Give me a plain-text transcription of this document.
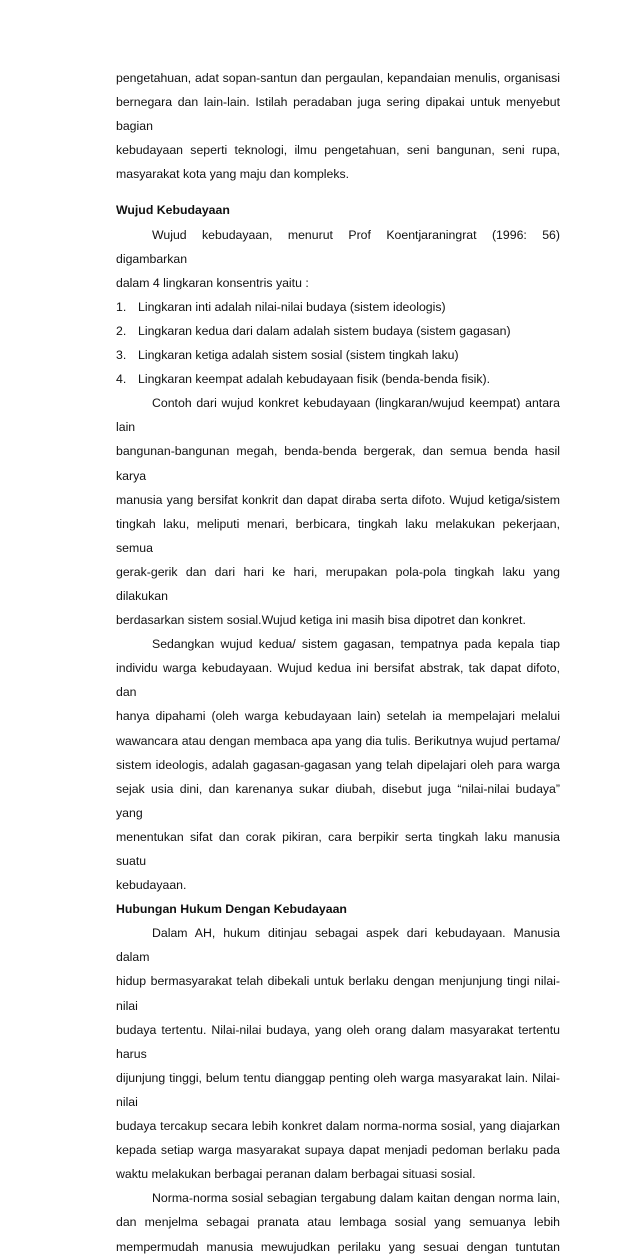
pengetahuan, adat sopan-santun dan pergaulan, kepandaian menulis, organisasi

bernegara dan lain-lain. Istilah peradaban juga sering dipakai untuk menyebut bagian

kebudayaan seperti teknologi, ilmu pengetahuan, seni bangunan, seni rupa,

masyarakat kota yang maju dan kompleks.

Wujud Kebudayaan

Wujud kebudayaan, menurut Prof Koentjaraningrat (1996: 56) digambarkan

dalam 4 lingkaran konsentris yaitu :

1. Lingkaran inti adalah nilai-nilai budaya (sistem ideologis)
2. Lingkaran kedua dari dalam adalah sistem budaya (sistem gagasan)
3. Lingkaran ketiga adalah sistem sosial (sistem tingkah laku)
4. Lingkaran keempat adalah kebudayaan fisik (benda-benda fisik).

Contoh dari wujud konkret kebudayaan (lingkaran/wujud keempat) antara lain

bangunan-bangunan megah, benda-benda bergerak, dan semua benda hasil karya

manusia yang bersifat konkrit dan dapat diraba serta difoto. Wujud ketiga/sistem

tingkah laku, meliputi menari, berbicara, tingkah laku melakukan pekerjaan, semua

gerak-gerik dan dari hari ke hari, merupakan pola-pola tingkah laku yang dilakukan

berdasarkan sistem sosial.Wujud ketiga ini masih bisa dipotret dan konkret.

Sedangkan wujud kedua/ sistem gagasan, tempatnya pada kepala tiap

individu warga kebudayaan. Wujud kedua ini bersifat abstrak, tak dapat difoto, dan

hanya dipahami (oleh warga kebudayaan lain) setelah ia mempelajari melalui

wawancara atau dengan membaca apa yang dia tulis. Berikutnya wujud pertama/

sistem ideologis, adalah gagasan-gagasan yang telah dipelajari oleh para warga

sejak usia dini, dan karenanya sukar diubah, disebut juga “nilai-nilai budaya” yang

menentukan sifat dan corak pikiran, cara berpikir serta tingkah laku manusia suatu

kebudayaan.

Hubungan Hukum Dengan Kebudayaan

Dalam AH, hukum ditinjau sebagai aspek dari kebudayaan. Manusia dalam

hidup bermasyarakat telah dibekali untuk berlaku dengan menjunjung tingi nilai-nilai

budaya tertentu. Nilai-nilai budaya, yang oleh orang dalam masyarakat tertentu harus

dijunjung tinggi, belum tentu dianggap penting oleh warga masyarakat lain. Nilai-nilai

budaya tercakup secara lebih konkret dalam norma-norma sosial, yang diajarkan

kepada setiap warga masyarakat supaya dapat menjadi pedoman berlaku pada

waktu melakukan berbagai peranan dalam berbagai situasi sosial.

Norma-norma sosial sebagian tergabung dalam kaitan dengan norma lain,

dan menjelma sebagai pranata atau lembaga sosial yang semuanya lebih

mempermudah manusia mewujudkan perilaku yang sesuai dengan tuntutan
